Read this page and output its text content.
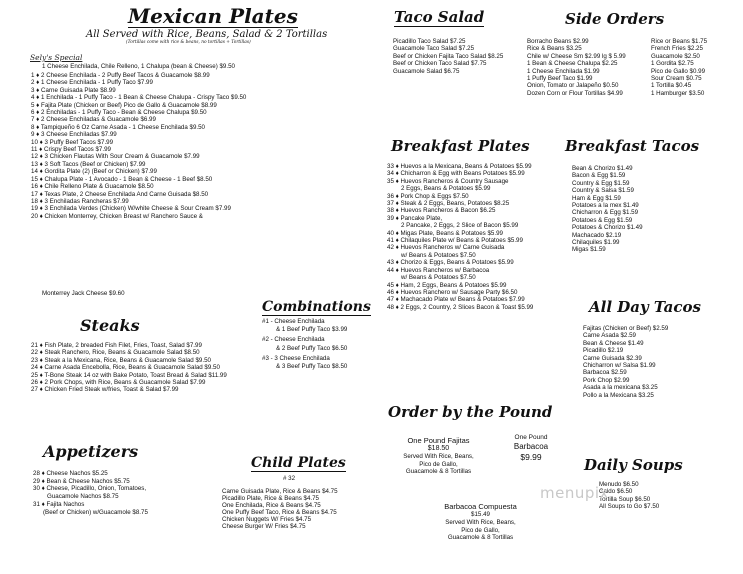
Mexican Plates
All Served with Rice, Beans, Salad & 2 Tortillas
(Tortillas come with rice & beans, no tortillas + Tortillas)
Sely's Special
1 Cheese Enchilada, Chile Relleno, 1 Chalupa (bean & Cheese) $9.50
1 ♦ 2 Cheese Enchilada - 2 Puffy Beef Tacos & Guacamole $8.99
2 ♦ 1 Cheese Enchilada - 1 Puffy Taco $7.99
3 ♦ Carne Guisada Plate $8.99
4 ♦ 1 Enchilada - 1 Puffy Taco - 1 Bean & Cheese Chalupa - Crispy Taco $9.50
5 ♦ Fajita Plate (Chicken or Beef) Pico de Gallo & Guacamole $8.99
6 ♦ 2 Enchiladas - 1 Puffy Taco - Bean & Cheese Chalupa $9.50
7 ♦ 2 Cheese Enchiladas & Guacamole $6.99
8 ♦ Tampiqueño 6 Oz Carne Asada - 1 Cheese Enchilada $9.50
9 ♦ 3 Cheese Enchiladas $7.99
10 ♦ 3 Puffy Beef Tacos $7.99
11 ♦ Crispy Beef Tacos $7.99
12 ♦ 3 Chicken Flautas With Sour Cream & Guacamole $7.99
13 ♦ 3 Soft Tacos (Beef or Chicken) $7.99
14 ♦ Gordita Plate (2) (Beef or Chicken) $7.99
15 ♦ Chalupa Plate - 1 Avocado - 1 Bean & Cheese - 1 Beef $8.50
16 ♦ Chile Relleno Plate & Guacamole $8.50
17 ♦ Texas Plate, 2 Cheese Enchilada And Carne Guisada $8.50
18 ♦ 3 Enchiladas Rancheras $7.99
19 ♦ 3 Enchilada Verdes (Chicken) W/white Cheese & Sour Cream $7.99
20 ♦ Chicken Monterrey, Chicken Breast w/ Ranchero Sauce &
Monterrey Jack Cheese $9.60
Combinations
#1 - Cheese Enchilada
& 1 Beef Puffy Taco $3.99
#2 - Cheese Enchilada
& 2 Beef Puffy Taco $6.50
#3 - 3 Cheese Enchilada
& 3 Beef Puffy Taco $8.50
Steaks
21 ♦ Fish Plate, 2 breaded Fish Filet, Fries, Toast, Salad $7.99
22 ♦ Steak Ranchero, Rice, Beans & Guacamole Salad $8.50
23 ♦ Steak a la Mexicana, Rice, Beans & Guacamole Salad $9.50
24 ♦ Carne Asada Encebolla, Rice, Beans & Guacamole Salad $9.50
25 ♦ T-Bone Steak 14 oz with Bake Potato, Toast Bread & Salad $11.99
26 ♦ 2 Pork Chops, with Rice, Beans & Guacamole Salad $7.99
27 ♦ Chicken Fried Steak w/fries, Toast & Salad $7.99
Appetizers
28 ♦ Cheese Nachos $5.25
29 ♦ Bean & Cheese Nachos $5.75
30 ♦ Cheese, Picadillo, Onion, Tomatoes,
Guacamole Nachos $8.75
31 ♦ Fajita Nachos
(Beef or Chicken) w/Guacamole $8.75
Child Plates
# 32
Carne Guisada Plate, Rice & Beans $4.75
Picadillo Plate, Rice & Beans $4.75
One Enchilada, Rice & Beans $4.75
One Puffy Beef Taco, Rice & Beans $4.75
Chicken Nuggets W/ Fries $4.75
Cheese Burger W/ Fries $4.75
Taco Salad
Picadillo Taco Salad $7.25
Guacamole Taco Salad $7.25
Beef or Chicken Fajita Taco Salad $8.25
Beef or Chicken Taco Salad $7.75
Guacamole Salad $6.75
Side Orders
Borracho Beans $2.99
Rice & Beans $3.25
Chile w/ Cheese Sm $2.99 lg $ 5.99
1 Bean & Cheese Chalupa $2.25
1 Cheese Enchilada $1.99
1 Puffy Beef Taco $1.99
Onion, Tomato or Jalapeño $0.50
Dozen Corn or Flour Tortillas $4.99
Rice or Beans $1.75
French Fries $2.25
Guacamole $2.50
1 Gordita $2.75
Pico de Gallo $0.99
Sour Cream $0.75
1 Tortilla $0.45
1 Hamburger $3.50
Breakfast Plates
33 ♦ Huevos a la Mexicana, Beans & Potatoes $5.99
34 ♦ Chicharron & Egg with Beans Potatoes $5.99
35 ♦ Huevos Rancheros & Country Sausage
2 Eggs, Beans & Potatoes $5.99
36 ♦ Pork Chop & Eggs $7.50
37 ♦ Steak & 2 Eggs, Beans, Potatoes $8.25
38 ♦ Huevos Rancheros & Bacon $6.25
39 ♦ Pancake Plate,
2 Pancake, 2 Eggs, 2 Slice of Bacon $5.99
40 ♦ Migas Plate, Beans & Potatoes $5.99
41 ♦ Chilaquiles Plate w/ Beans & Potatoes $5.99
42 ♦ Huevos Rancheros w/ Carne Guisada
w/ Beans & Potatoes $7.50
43 ♦ Chorizo & Eggs, Beans & Potatoes $5.99
44 ♦ Huevos Rancheros w/ Barbacoa
w/ Beans & Potatoes $7.50
45 ♦ Ham, 2 Eggs, Beans & Potatoes $5.99
46 ♦ Huevos Ranchero w/ Sausage Party $6.50
47 ♦ Machacado Plate w/ Beans & Potatoes $7.99
48 ♦ 2 Eggs, 2 Country, 2 Slices Bacon & Toast $5.99
Breakfast Tacos
Bean & Chorizo $1.49
Bacon & Egg $1.59
Country & Egg $1.59
Country & Salsa $1.59
Ham & Egg $1.59
Potatoes a la mex $1.49
Chicharron & Egg $1.59
Potatoes & Egg $1.59
Potatoes & Chorizo $1.49
Machacado $2.19
Chilaquiles $1.99
Migas $1.59
All Day Tacos
Fajitas (Chicken or Beef) $2.59
Carne Asada $2.59
Bean & Cheese $1.49
Picadillo $2.19
Carne Guisada $2.39
Chicharron w/ Salsa $1.99
Barbacoa $2.59
Pork Chop $2.99
Asada a la mexicana $3.25
Pollo a la Mexicana $3.25
Order by the Pound
One Pound Fajitas
$18.50
Served With Rice, Beans,
Pico de Gallo,
Guacamole & 8 Tortillas
One Pound
Barbacoa
$9.99
Barbacoa Compuesta
$15.49
Served With Rice, Beans,
Pico de Gallo,
Guacamole & 8 Tortillas
Daily Soups
Menudo $6.50
Caldo $6.50
Tortilla Soup $6.50
All Soups to Go $7.50
menupix
